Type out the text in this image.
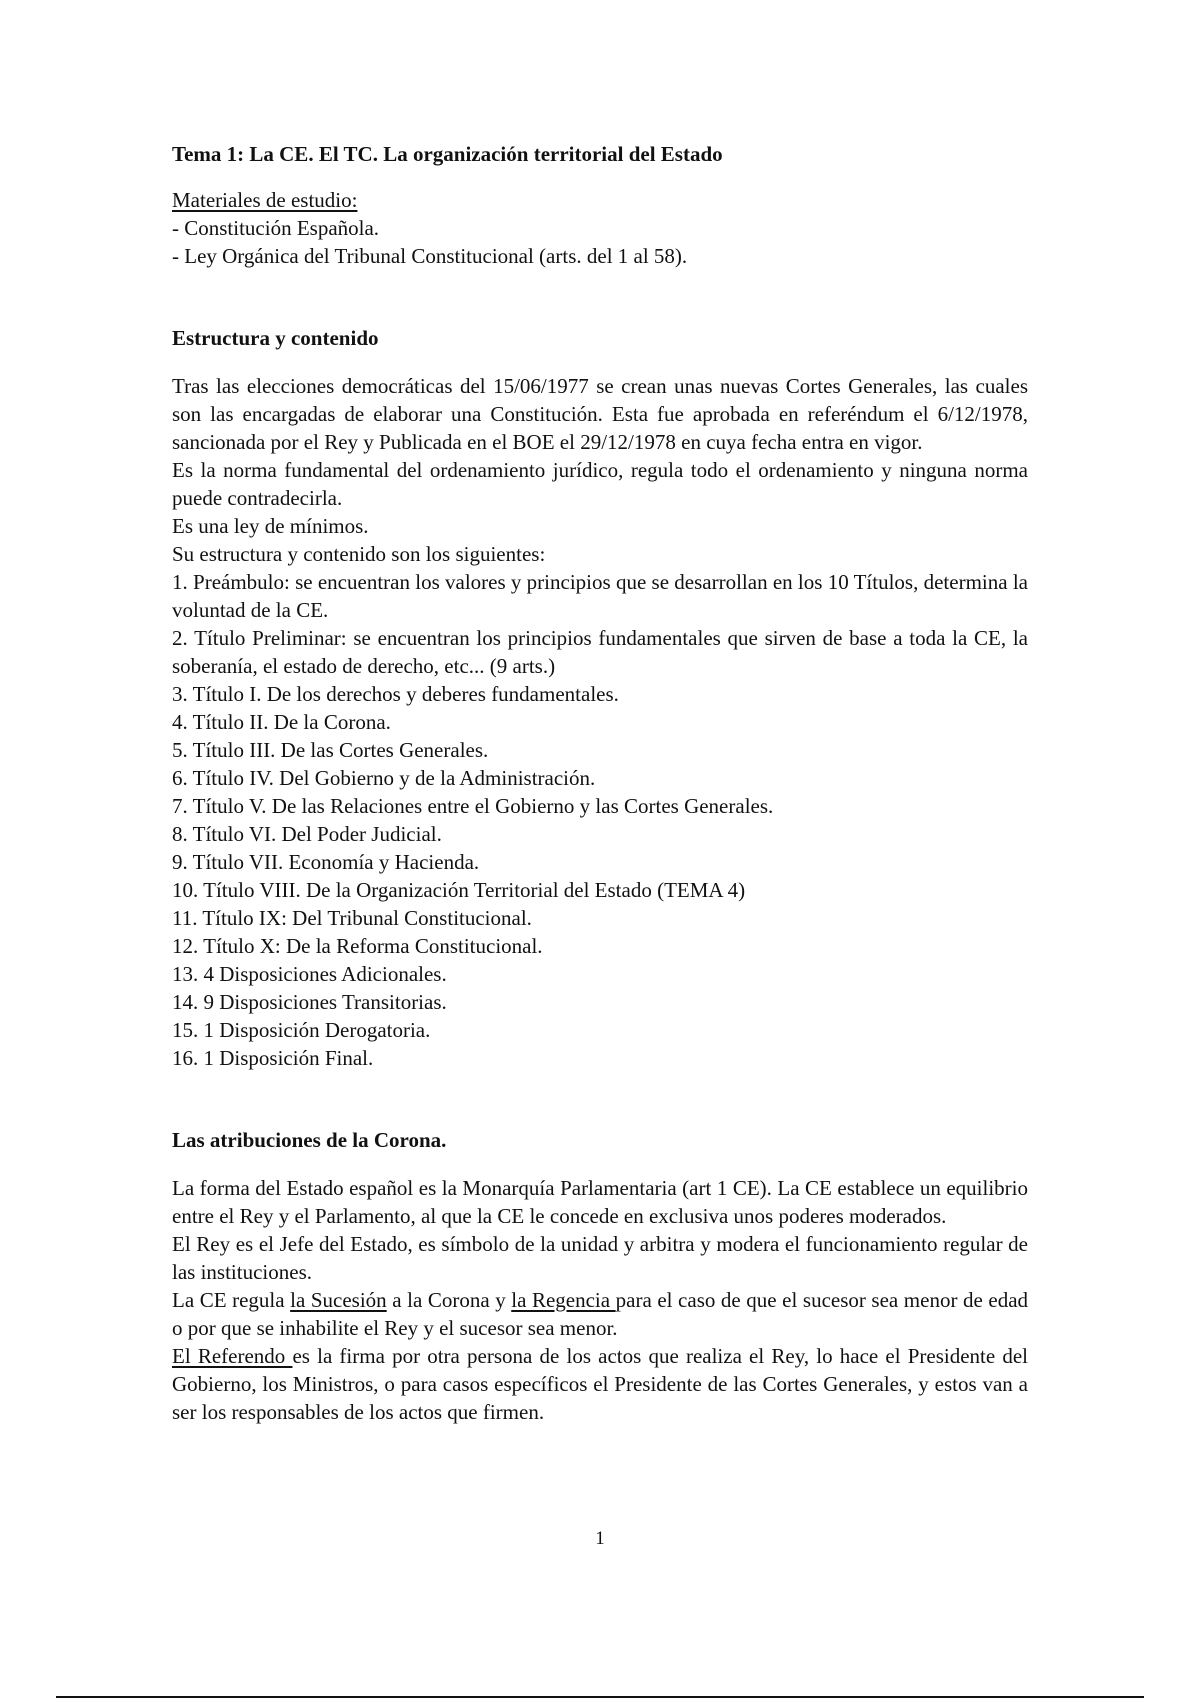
Tema 1: La CE. El TC. La organización territorial del Estado
Materiales de estudio:
- Constitución Española.
- Ley Orgánica del Tribunal Constitucional (arts. del 1 al 58).
Estructura y contenido
Tras las elecciones democráticas del 15/06/1977 se crean unas nuevas Cortes Generales, las cuales son las encargadas de elaborar una Constitución. Esta fue aprobada en referéndum el 6/12/1978, sancionada por el Rey y Publicada en el BOE el 29/12/1978 en cuya fecha entra en vigor.
Es la norma fundamental del ordenamiento jurídico, regula todo el ordenamiento y ninguna norma puede contradecirla.
Es una ley de mínimos.
Su estructura y contenido son los siguientes:
1. Preámbulo: se encuentran los valores y principios que se desarrollan en los 10 Títulos, determina la voluntad de la CE.
2. Título Preliminar: se encuentran los principios fundamentales que sirven de base a toda la CE, la soberanía, el estado de derecho, etc... (9 arts.)
3. Título I. De los derechos y deberes fundamentales.
4. Título II. De la Corona.
5. Título III. De las Cortes Generales.
6. Título IV. Del Gobierno y de la Administración.
7. Título V. De las Relaciones entre el Gobierno y las Cortes Generales.
8. Título VI. Del Poder Judicial.
9. Título VII. Economía y Hacienda.
10. Título VIII. De la Organización Territorial del Estado (TEMA 4)
11. Título IX: Del Tribunal Constitucional.
12. Título X: De la Reforma Constitucional.
13. 4 Disposiciones Adicionales.
14. 9 Disposiciones Transitorias.
15. 1 Disposición Derogatoria.
16. 1 Disposición Final.
Las atribuciones de la Corona.
La forma del Estado español es la Monarquía Parlamentaria (art 1 CE). La CE establece un equilibrio entre el Rey y el Parlamento, al que la CE le concede en exclusiva unos poderes moderados.
El Rey es el Jefe del Estado, es símbolo de la unidad y arbitra y modera el funcionamiento regular de las instituciones.
La CE regula la Sucesión a la Corona y la Regencia para el caso de que el sucesor sea menor de edad o por que se inhabilite el Rey y el sucesor sea menor.
El Referendo es la firma por otra persona de los actos que realiza el Rey, lo hace el Presidente del Gobierno, los Ministros, o para casos específicos el Presidente de las Cortes Generales, y estos van a ser los responsables de los actos que firmen.
1
